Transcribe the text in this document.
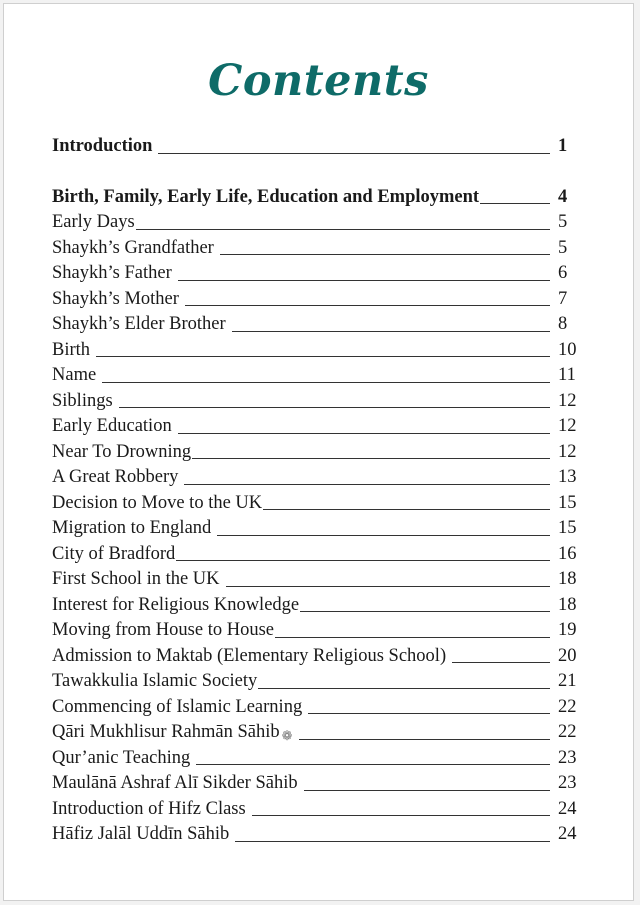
Contents
Introduction	1
Birth, Family, Early Life, Education and Employment	4
Early Days	5
Shaykh’s Grandfather	5
Shaykh’s Father	6
Shaykh’s Mother	7
Shaykh’s Elder Brother	8
Birth	10
Name	11
Siblings	12
Early Education	12
Near To Drowning	12
A Great Robbery	13
Decision to Move to the UK	15
Migration to England	15
City of Bradford	16
First School in the UK	18
Interest for Religious Knowledge	18
Moving from House to House	19
Admission to Maktab (Elementary Religious School)	20
Tawakkulia Islamic Society	21
Commencing of Islamic Learning	22
Qāri Mukhlisur Rahmān Sāhib ❁	22
Qur’anic Teaching	23
Maulānā Ashraf Alī Sikder Sāhib	23
Introduction of Hifz Class	24
Hāfiz Jalāl Uddīn Sāhib	24
